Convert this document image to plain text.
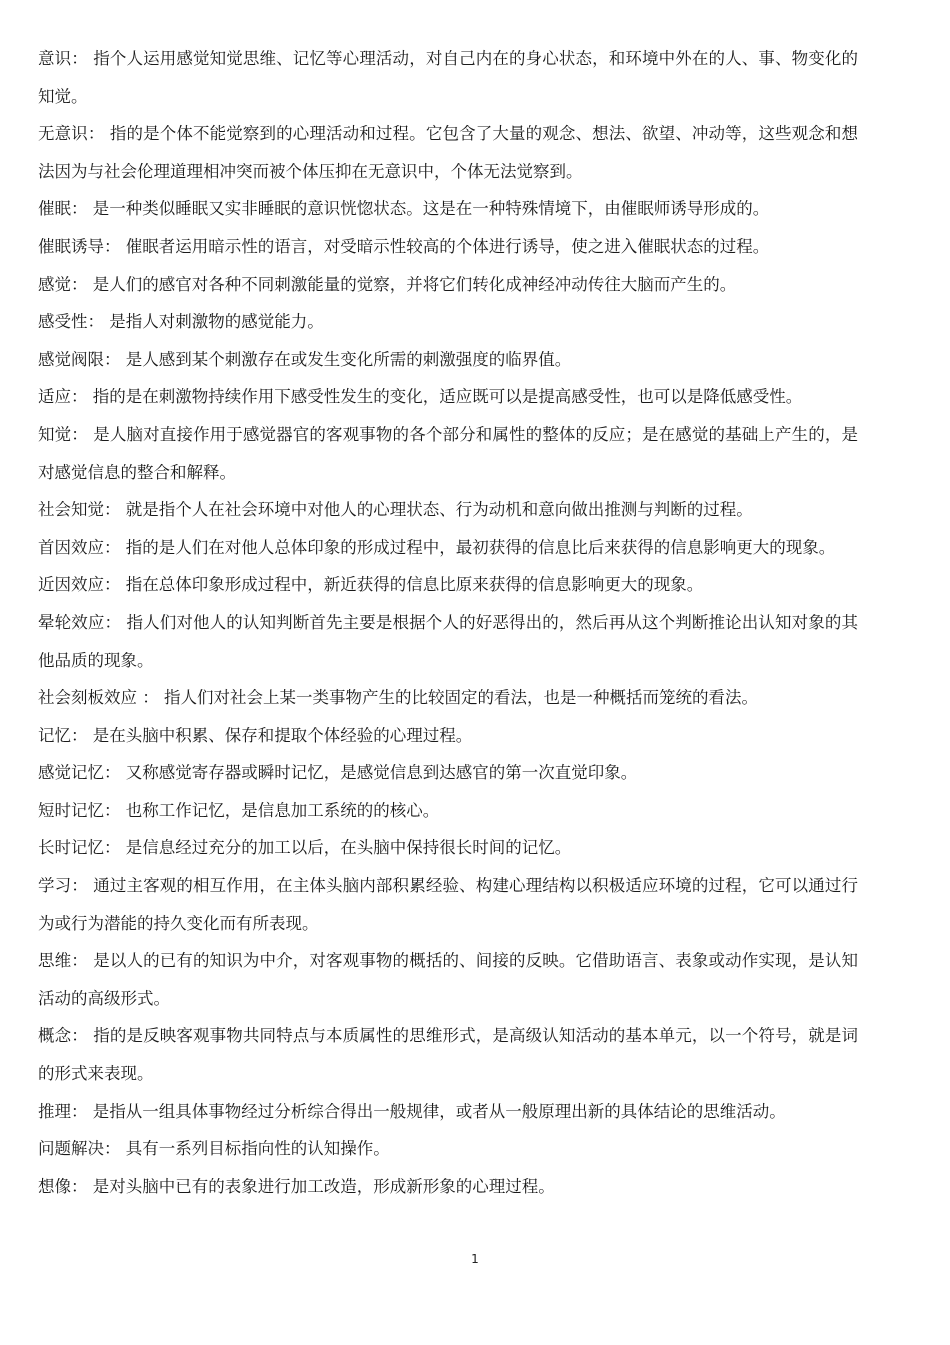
意识： 指个人运用感觉知觉思维、记忆等心理活动，对自己内在的身心状态，和环境中外在的人、事、物变化的知觉。

无意识： 指的是个体不能觉察到的心理活动和过程。它包含了大量的观念、想法、欲望、冲动等，这些观念和想法因为与社会伦理道理相冲突而被个体压抑在无意识中，个体无法觉察到。

催眠： 是一种类似睡眠又实非睡眠的意识恍惚状态。这是在一种特殊情境下，由催眠师诱导形成的。

催眠诱导： 催眠者运用暗示性的语言，对受暗示性较高的个体进行诱导，使之进入催眠状态的过程。

感觉： 是人们的感官对各种不同刺激能量的觉察，并将它们转化成神经冲动传往大脑而产生的。

感受性： 是指人对刺激物的感觉能力。

感觉阀限： 是人感到某个刺激存在或发生变化所需的刺激强度的临界值。

适应： 指的是在刺激物持续作用下感受性发生的变化，适应既可以是提高感受性，也可以是降低感受性。

知觉： 是人脑对直接作用于感觉器官的客观事物的各个部分和属性的整体的反应；是在感觉的基础上产生的，是对感觉信息的整合和解释。

社会知觉： 就是指个人在社会环境中对他人的心理状态、行为动机和意向做出推测与判断的过程。

首因效应： 指的是人们在对他人总体印象的形成过程中，最初获得的信息比后来获得的信息影响更大的现象。

近因效应： 指在总体印象形成过程中，新近获得的信息比原来获得的信息影响更大的现象。

晕轮效应： 指人们对他人的认知判断首先主要是根据个人的好恶得出的，然后再从这个判断推论出认知对象的其他品质的现象。

社会刻板效应 ： 指人们对社会上某一类事物产生的比较固定的看法，也是一种概括而笼统的看法。

记忆： 是在头脑中积累、保存和提取个体经验的心理过程。

感觉记忆： 又称感觉寄存器或瞬时记忆，是感觉信息到达感官的第一次直觉印象。

短时记忆： 也称工作记忆，是信息加工系统的的核心。

长时记忆： 是信息经过充分的加工以后，在头脑中保持很长时间的记忆。

学习： 通过主客观的相互作用，在主体头脑内部积累经验、构建心理结构以积极适应环境的过程，它可以通过行为或行为潜能的持久变化而有所表现。

思维： 是以人的已有的知识为中介，对客观事物的概括的、间接的反映。它借助语言、表象或动作实现，是认知活动的高级形式。

概念： 指的是反映客观事物共同特点与本质属性的思维形式，是高级认知活动的基本单元，以一个符号，就是词的形式来表现。

推理： 是指从一组具体事物经过分析综合得出一般规律，或者从一般原理出新的具体结论的思维活动。

问题解决： 具有一系列目标指向性的认知操作。

想像： 是对头脑中已有的表象进行加工改造，形成新形象的心理过程。

1
